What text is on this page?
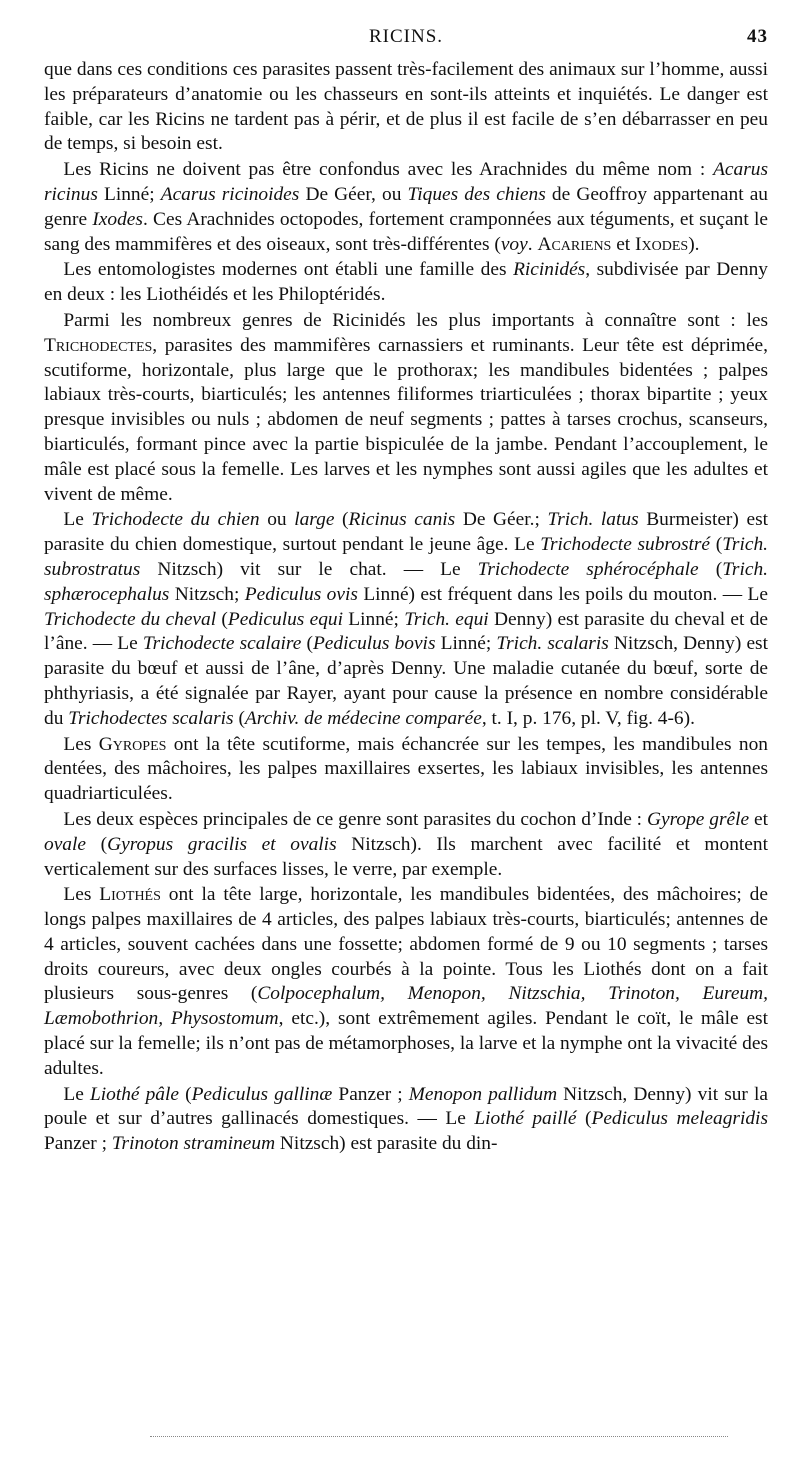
RICINS.	43

que dans ces conditions ces parasites passent très-facilement des animaux sur l’homme, aussi les préparateurs d’anatomie ou les chasseurs en sont-ils atteints et inquiétés. Le danger est faible, car les Ricins ne tardent pas à périr, et de plus il est facile de s’en débarrasser en peu de temps, si besoin est.

Les Ricins ne doivent pas être confondus avec les Arachnides du même nom : Acarus ricinus Linné; Acarus ricinoides De Géer, ou Tiques des chiens de Geoffroy appartenant au genre Ixodes. Ces Arachnides octopodes, fortement cramponnées aux téguments, et suçant le sang des mammifères et des oiseaux, sont très-différentes (voy. Acariens et Ixodes).

Les entomologistes modernes ont établi une famille des Ricinidés, subdivisée par Denny en deux : les Liothéidés et les Philoptéridés.

Parmi les nombreux genres de Ricinidés les plus importants à connaître sont : les Trichodectes, parasites des mammifères carnassiers et ruminants. Leur tête est déprimée, scutiforme, horizontale, plus large que le prothorax; les mandibules bidentées ; palpes labiaux très-courts, biarticulés; les antennes filiformes triarticulées ; thorax bipartite ; yeux presque invisibles ou nuls ; abdomen de neuf segments ; pattes à tarses crochus, scanseurs, biarticulés, formant pince avec la partie bispiculée de la jambe. Pendant l’accouplement, le mâle est placé sous la femelle. Les larves et les nymphes sont aussi agiles que les adultes et vivent de même.

Le Trichodecte du chien ou large (Ricinus canis De Géer.; Trich. latus Burmeister) est parasite du chien domestique, surtout pendant le jeune âge. Le Trichodecte subrostré (Trich. subrostratus Nitzsch) vit sur le chat. — Le Trichodecte sphérocéphale (Trich. sphærocephalus Nitzsch; Pediculus ovis Linné) est fréquent dans les poils du mouton. — Le Trichodecte du cheval (Pediculus equi Linné; Trich. equi Denny) est parasite du cheval et de l’âne. — Le Trichodecte scalaire (Pediculus bovis Linné; Trich. scalaris Nitzsch, Denny) est parasite du bœuf et aussi de l’âne, d’après Denny. Une maladie cutanée du bœuf, sorte de phthyriasis, a été signalée par Rayer, ayant pour cause la présence en nombre considérable du Trichodectes scalaris (Archiv. de médecine comparée, t. I, p. 176, pl. V, fig. 4-6).

Les Gyropes ont la tête scutiforme, mais échancrée sur les tempes, les mandibules non dentées, des mâchoires, les palpes maxillaires exsertes, les labiaux invisibles, les antennes quadriarticulées.

Les deux espèces principales de ce genre sont parasites du cochon d’Inde : Gyrope grêle et ovale (Gyropus gracilis et ovalis Nitzsch). Ils marchent avec facilité et montent verticalement sur des surfaces lisses, le verre, par exemple.

Les Liothés ont la tête large, horizontale, les mandibules bidentées, des mâchoires; de longs palpes maxillaires de 4 articles, des palpes labiaux très-courts, biarticulés; antennes de 4 articles, souvent cachées dans une fossette; abdomen formé de 9 ou 10 segments ; tarses droits coureurs, avec deux ongles courbés à la pointe. Tous les Liothés dont on a fait plusieurs sous-genres (Colpocephalum, Menopon, Nitzschia, Trinoton, Eureum, Læmobothrion, Physostomum, etc.), sont extrêmement agiles. Pendant le coït, le mâle est placé sur la femelle; ils n’ont pas de métamorphoses, la larve et la nymphe ont la vivacité des adultes.

Le Liothé pâle (Pediculus gallinæ Panzer ; Menopon pallidum Nitzsch, Denny) vit sur la poule et sur d’autres gallinacés domestiques. — Le Liothé paillé (Pediculus meleagridis Panzer ; Trinoton stramineum Nitzsch) est parasite du din-
